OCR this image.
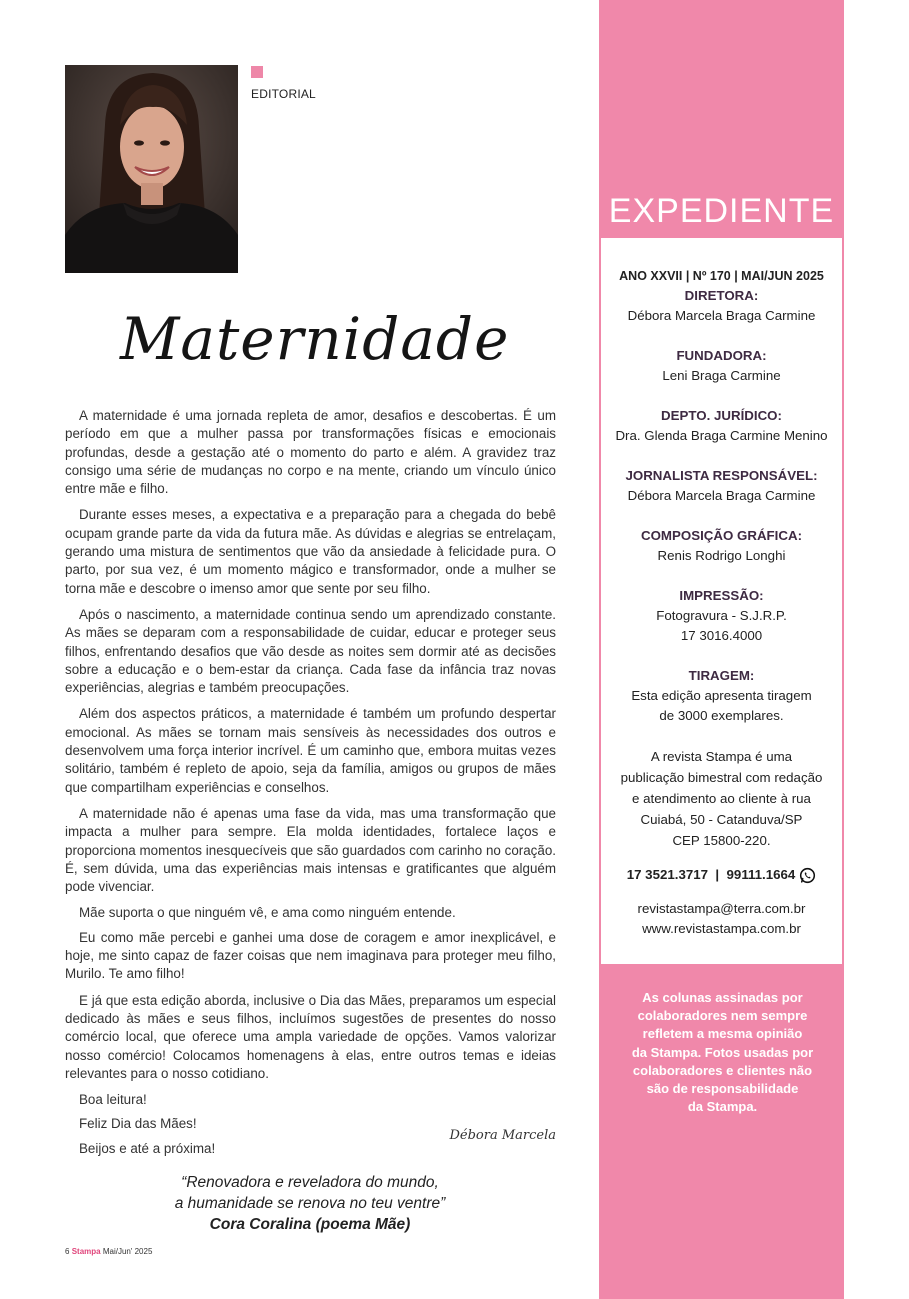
EDITORIAL
Maternidade

A maternidade é uma jornada repleta de amor, desafios e descobertas. É um período em que a mulher passa por transformações físicas e emocionais profundas, desde a gestação até o momento do parto e além. A gravidez traz consigo uma série de mudanças no corpo e na mente, criando um vínculo único entre mãe e filho.

Durante esses meses, a expectativa e a preparação para a chegada do bebê ocupam grande parte da vida da futura mãe. As dúvidas e alegrias se entrelaçam, gerando uma mistura de sentimentos que vão da ansiedade à felicidade pura. O parto, por sua vez, é um momento mágico e transformador, onde a mulher se torna mãe e descobre o imenso amor que sente por seu filho.

Após o nascimento, a maternidade continua sendo um aprendizado constante. As mães se deparam com a responsabilidade de cuidar, educar e proteger seus filhos, enfrentando desafios que vão desde as noites sem dormir até as decisões sobre a educação e o bem-estar da criança. Cada fase da infância traz novas experiências, alegrias e também preocupações.

Além dos aspectos práticos, a maternidade é também um profundo despertar emocional. As mães se tornam mais sensíveis às necessidades dos outros e desenvolvem uma força interior incrível. É um caminho que, embora muitas vezes solitário, também é repleto de apoio, seja da família, amigos ou grupos de mães que compartilham experiências e conselhos.

A maternidade não é apenas uma fase da vida, mas uma transformação que impacta a mulher para sempre. Ela molda identidades, fortalece laços e proporciona momentos inesquecíveis que são guardados com carinho no coração. É, sem dúvida, uma das experiências mais intensas e gratificantes que alguém pode vivenciar.

Mãe suporta o que ninguém vê, e ama como ninguém entende.

Eu como mãe percebi e ganhei uma dose de coragem e amor inexplicável, e hoje, me sinto capaz de fazer coisas que nem imaginava para proteger meu filho, Murilo. Te amo filho!

E já que esta edição aborda, inclusive o Dia das Mães, preparamos um especial dedicado às mães e seus filhos, incluímos sugestões de presentes do nosso comércio local, que oferece uma ampla variedade de opções. Vamos valorizar nosso comércio! Colocamos homenagens à elas, entre outros temas e ideias relevantes para o nosso cotidiano.

Boa leitura!

Feliz Dia das Mães!

Beijos e até a próxima!

Débora Marcela
“Renovadora e reveladora do mundo,
a humanidade se renova no teu ventre”
Cora Coralina (poema Mãe)
6 Stampa Mai/Jun' 2025
EXPEDIENTE
ANO XXVII | Nº 170 | MAI/JUN 2025
DIRETORA:
Débora Marcela Braga Carmine
FUNDADORA:
Leni Braga Carmine
DEPTO. JURÍDICO:
Dra. Glenda Braga Carmine Menino
JORNALISTA RESPONSÁVEL:
Débora Marcela Braga Carmine
COMPOSIÇÃO GRÁFICA:
Renis Rodrigo Longhi
IMPRESSÃO:
Fotogravura - S.J.R.P.
17 3016.4000
TIRAGEM:
Esta edição apresenta tiragem
de 3000 exemplares.
A revista Stampa é uma
publicação bimestral com redação
e atendimento ao cliente à rua
Cuiabá, 50 - Catanduva/SP
CEP 15800-220.
17 3521.3717  |  99111.1664
revistastampa@terra.com.br
www.revistastampa.com.br
As colunas assinadas por
colaboradores nem sempre
refletem a mesma opinião
da Stampa. Fotos usadas por
colaboradores e clientes não
são de responsabilidade
da Stampa.
